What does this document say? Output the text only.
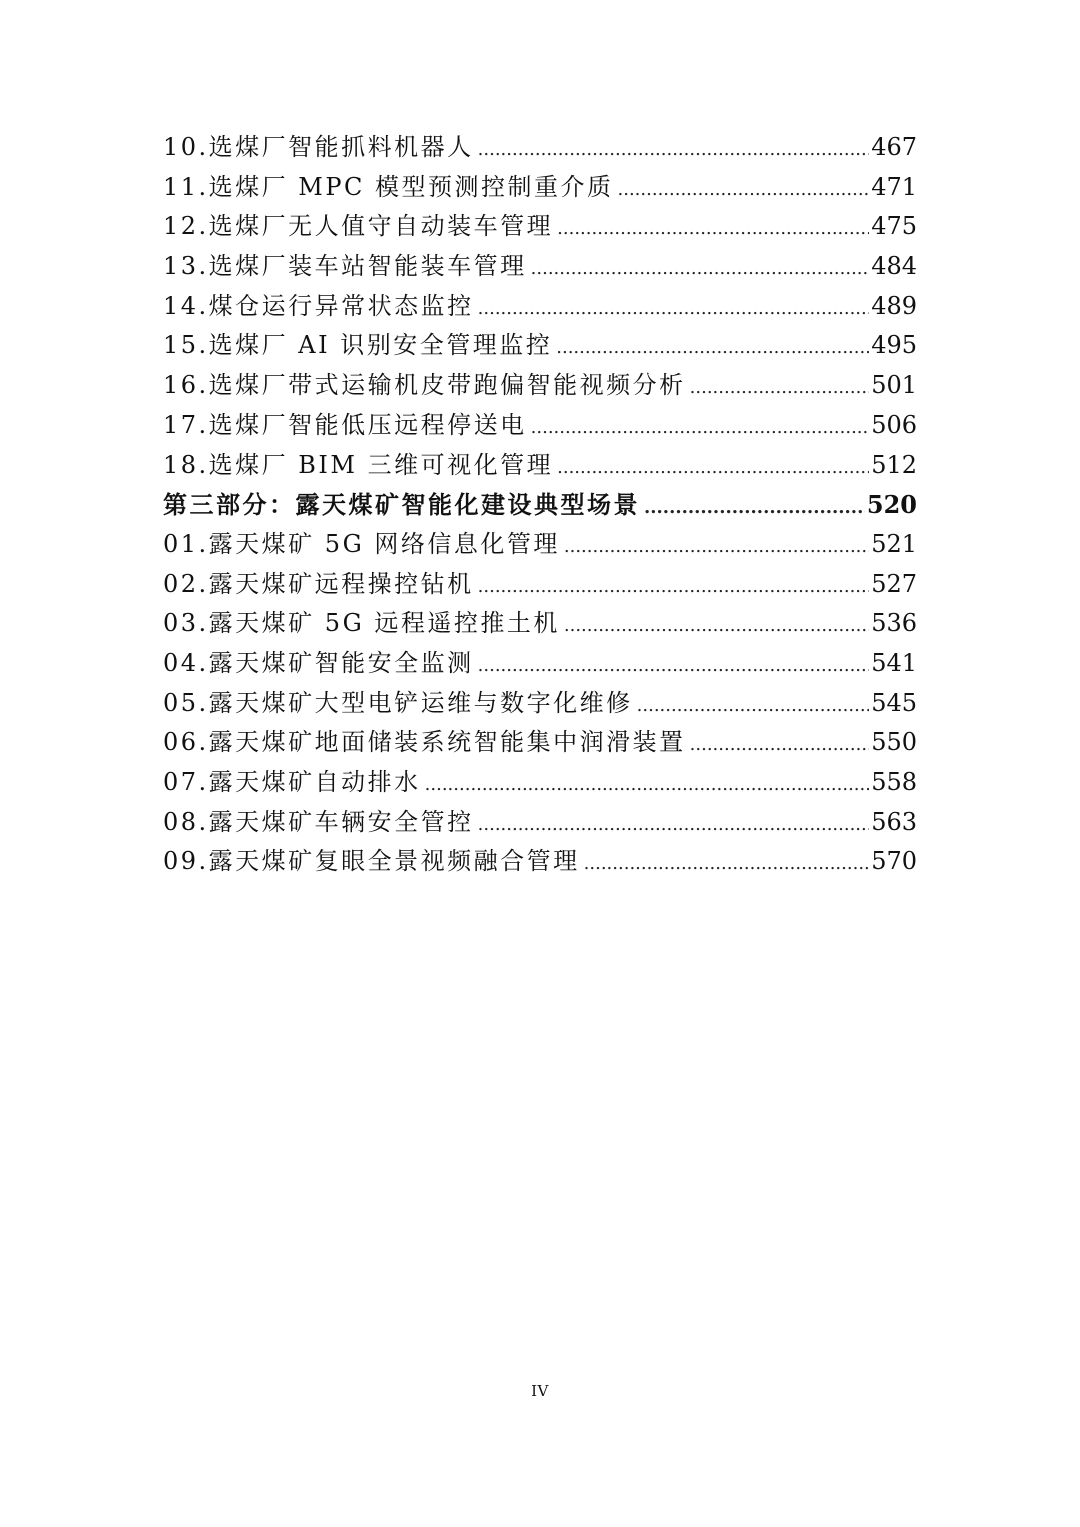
10.选煤厂智能抓料机器人 .....	467
11.选煤厂 MPC 模型预测控制重介质 .....	471
12.选煤厂无人值守自动装车管理 .....	475
13.选煤厂装车站智能装车管理 .....	484
14.煤仓运行异常状态监控 .....	489
15.选煤厂 AI 识别安全管理监控 .....	495
16.选煤厂带式运输机皮带跑偏智能视频分析 .....	501
17.选煤厂智能低压远程停送电 .....	506
18.选煤厂 BIM 三维可视化管理 .....	512
第三部分：露天煤矿智能化建设典型场景 .....	520
01.露天煤矿 5G 网络信息化管理 .....	521
02.露天煤矿远程操控钻机 .....	527
03.露天煤矿 5G 远程遥控推土机 .....	536
04.露天煤矿智能安全监测 .....	541
05.露天煤矿大型电铲运维与数字化维修 .....	545
06.露天煤矿地面储装系统智能集中润滑装置 .....	550
07.露天煤矿自动排水 .....	558
08.露天煤矿车辆安全管控 .....	563
09.露天煤矿复眼全景视频融合管理 .....	570
IV
